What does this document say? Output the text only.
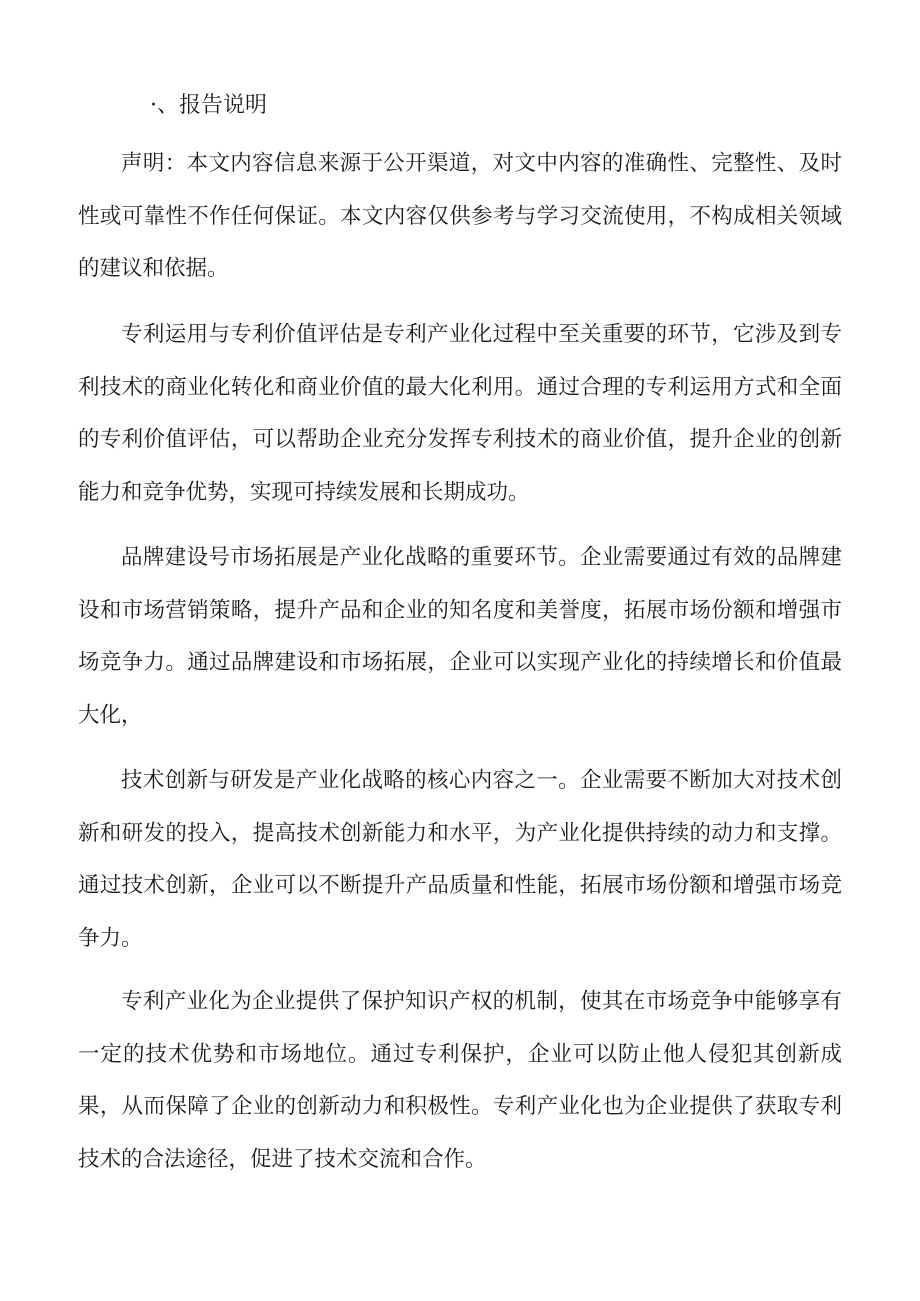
·、报告说明

声明：本文内容信息来源于公开渠道，对文中内容的准确性、完整性、及时性或可靠性不作任何保证。本文内容仅供参考与学习交流使用，不构成相关领域的建议和依据。

专利运用与专利价值评估是专利产业化过程中至关重要的环节，它涉及到专利技术的商业化转化和商业价值的最大化利用。通过合理的专利运用方式和全面的专利价值评估，可以帮助企业充分发挥专利技术的商业价值，提升企业的创新能力和竞争优势，实现可持续发展和长期成功。

品牌建设号市场拓展是产业化战略的重要环节。企业需要通过有效的品牌建设和市场营销策略，提升产品和企业的知名度和美誉度，拓展市场份额和增强市场竞争力。通过品牌建设和市场拓展，企业可以实现产业化的持续增长和价值最大化，

技术创新与研发是产业化战略的核心内容之一。企业需要不断加大对技术创新和研发的投入，提高技术创新能力和水平，为产业化提供持续的动力和支撑。通过技术创新，企业可以不断提升产品质量和性能，拓展市场份额和增强市场竞争力。

专利产业化为企业提供了保护知识产权的机制，使其在市场竞争中能够享有一定的技术优势和市场地位。通过专利保护，企业可以防止他人侵犯其创新成果，从而保障了企业的创新动力和积极性。专利产业化也为企业提供了获取专利技术的合法途径，促进了技术交流和合作。
